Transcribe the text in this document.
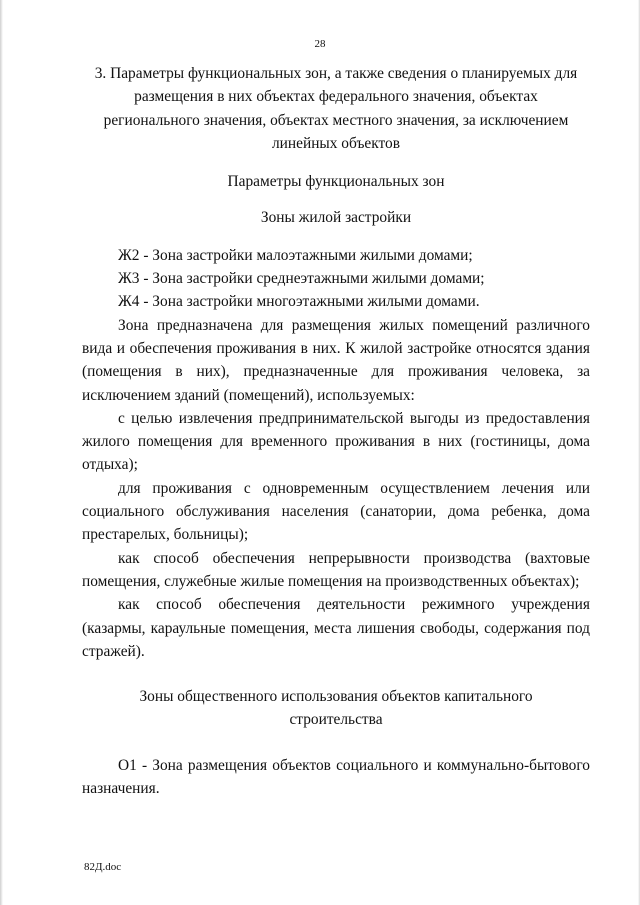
28
3. Параметры функциональных зон, а также сведения о планируемых для
размещения в них объектах федерального значения, объектах
регионального значения, объектах местного значения, за исключением
линейных объектов

Параметры функциональных зон

Зоны жилой застройки

Ж2 - Зона застройки малоэтажными жилыми домами;

Ж3 - Зона застройки среднеэтажными жилыми домами;

Ж4 - Зона застройки многоэтажными жилыми домами.

Зона предназначена для размещения жилых помещений различного вида и обеспечения проживания в них. К жилой застройке относятся здания (помещения в них), предназначенные для проживания человека, за исключением зданий (помещений), используемых:

с целью извлечения предпринимательской выгоды из предоставления жилого помещения для временного проживания в них (гостиницы, дома отдыха);

для проживания с одновременным осуществлением лечения или социального обслуживания населения (санатории, дома ребенка, дома престарелых, больницы);

как способ обеспечения непрерывности производства (вахтовые помещения, служебные жилые помещения на производственных объектах);

как способ обеспечения деятельности режимного учреждения (казармы, караульные помещения, места лишения свободы, содержания под стражей).

Зоны общественного использования объектов капитального
строительства

О1 - Зона размещения объектов социального и коммунально-бытового назначения.

82Д.doc
